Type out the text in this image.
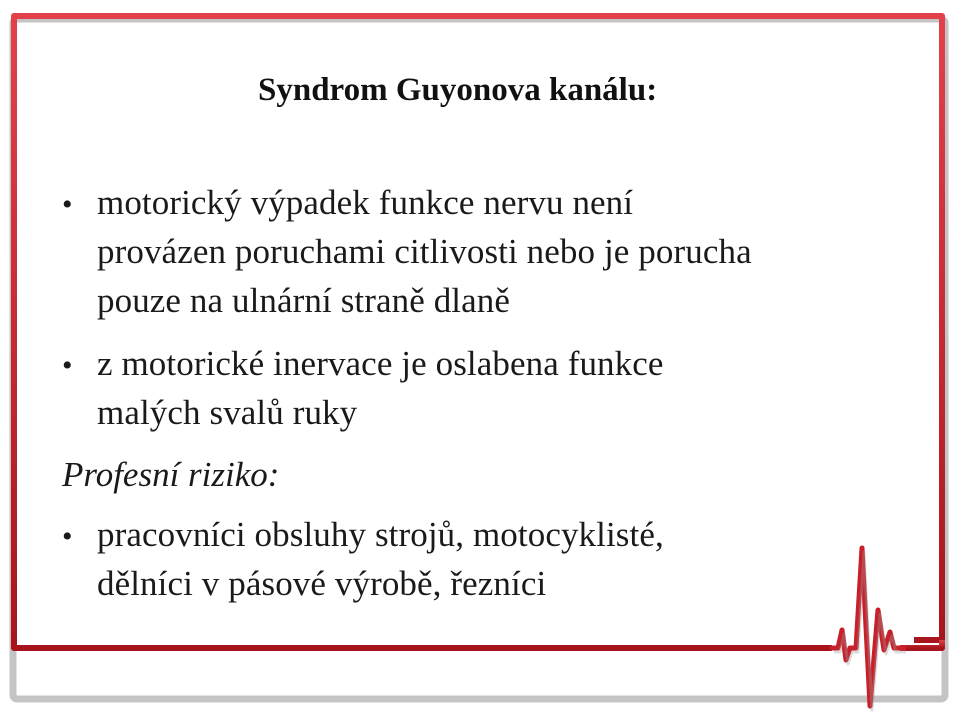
Syndrom Guyonova kanálu:
• motorický výpadek funkce nervu není
provázen poruchami citlivosti nebo je porucha
pouze na ulnární straně dlaně
• z motorické inervace je oslabena funkce
malých svalů ruky
Profesní riziko:
• pracovníci obsluhy strojů, motocyklisté,
dělníci v pásové výrobě, řezníci
